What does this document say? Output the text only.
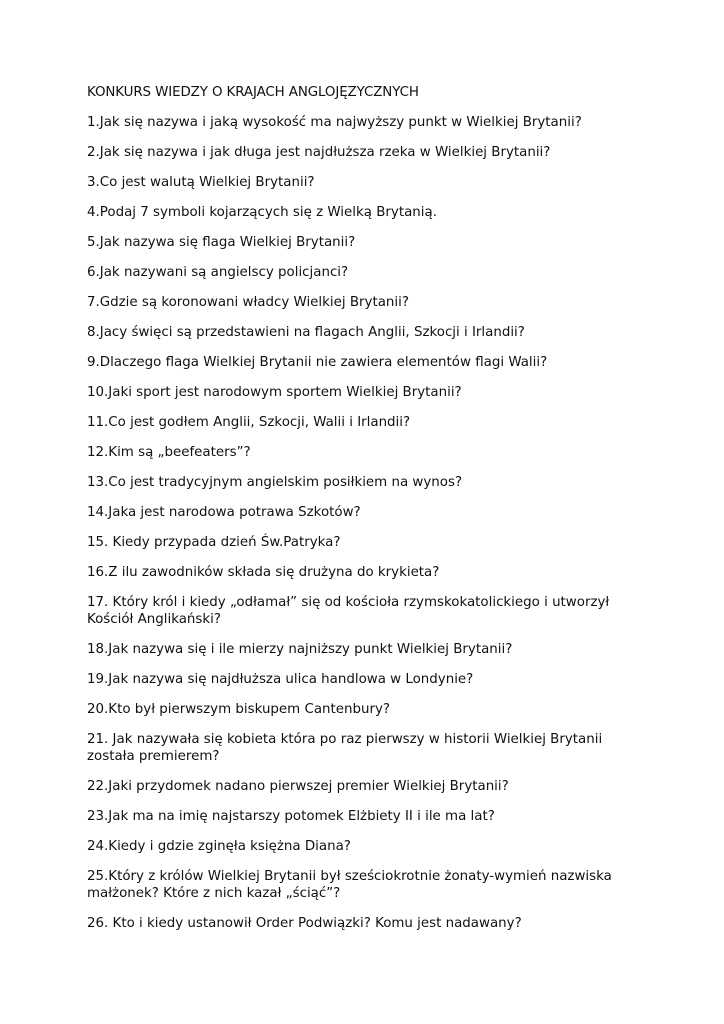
KONKURS WIEDZY O KRAJACH ANGLOJĘZYCZNYCH
1.Jak się nazywa i jaką wysokość ma najwyższy punkt w Wielkiej Brytanii?
2.Jak się nazywa i jak długa jest najdłuższa rzeka w Wielkiej Brytanii?
3.Co jest walutą Wielkiej Brytanii?
4.Podaj 7 symboli kojarzących się z Wielką Brytanią.
5.Jak nazywa się flaga Wielkiej Brytanii?
6.Jak nazywani są angielscy policjanci?
7.Gdzie są koronowani władcy Wielkiej Brytanii?
8.Jacy święci są przedstawieni na flagach Anglii, Szkocji i Irlandii?
9.Dlaczego flaga Wielkiej Brytanii nie zawiera elementów flagi Walii?
10.Jaki sport jest narodowym sportem Wielkiej Brytanii?
11.Co jest godłem Anglii, Szkocji, Walii i Irlandii?
12.Kim są „beefeaters”?
13.Co jest tradycyjnym angielskim posiłkiem na wynos?
14.Jaka jest narodowa potrawa Szkotów?
15. Kiedy przypada dzień Św.Patryka?
16.Z ilu zawodników składa się drużyna do krykieta?
17. Który król i kiedy „odłamał” się od kościoła rzymskokatolickiego i utworzył Kościół Anglikański?
18.Jak nazywa się i ile mierzy najniższy punkt Wielkiej Brytanii?
19.Jak nazywa się najdłuższa ulica handlowa w Londynie?
20.Kto był pierwszym biskupem Cantenbury?
21. Jak nazywała się kobieta która po raz pierwszy w historii Wielkiej Brytanii została premierem?
22.Jaki przydomek nadano pierwszej premier Wielkiej Brytanii?
23.Jak ma na imię najstarszy potomek Elżbiety II i ile ma lat?
24.Kiedy i gdzie zginęła księżna Diana?
25.Który z królów Wielkiej Brytanii był sześciokrotnie żonaty-wymień nazwiska małżonek? Które z nich kazał „ściąć”?
26. Kto i kiedy ustanowił Order Podwiązki? Komu jest nadawany?
